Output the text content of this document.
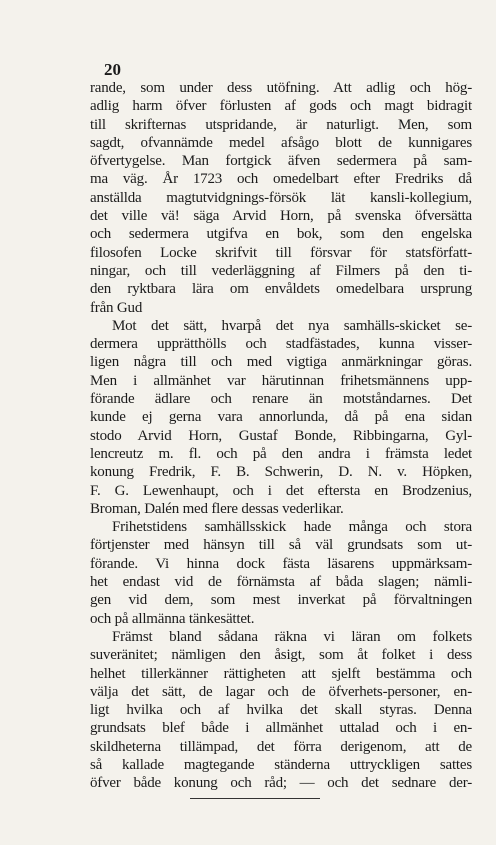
20
rande, som under dess utöfning. Att adlig och hög-
adlig harm öfver förlusten af gods och magt bidragit
till skrifternas utspridande, är naturligt. Men, som
sagdt, ofvannämde medel afsågo blott de kunnigares
öfvertygelse. Man fortgick äfven sedermera på sam-
ma väg. År 1723 och omedelbart efter Fredriks då
anställda magtutvidgnings-försök lät kansli-kollegium,
det ville vä! säga Arvid Horn, på svenska öfversätta
och sedermera utgifva en bok, som den engelska
filosofen Locke skrifvit till försvar för statsförfatt-
ningar, och till vederläggning af Filmers på den ti-
den ryktbara lära om envåldets omedelbara ursprung
från Gud
Mot det sätt, hvarpå det nya samhälls-skicket se-
dermera upprätthölls och stadfästades, kunna visser-
ligen några till och med vigtiga anmärkningar göras.
Men i allmänhet var härutinnan frihetsmännens upp-
förande ädlare och renare än motståndarnes. Det
kunde ej gerna vara annorlunda, då på ena sidan
stodo Arvid Horn, Gustaf Bonde, Ribbingarna, Gyl-
lencreutz m. fl. och på den andra i främsta ledet
konung Fredrik, F. B. Schwerin, D. N. v. Höpken,
F. G. Lewenhaupt, och i det eftersta en Brodzenius,
Broman, Dalén med flere dessas vederlikar.
Frihetstidens samhällsskick hade många och stora
förtjenster med hänsyn till så väl grundsats som ut-
förande. Vi hinna dock fästa läsarens uppmärksam-
het endast vid de förnämsta af båda slagen; nämli-
gen vid dem, som mest inverkat på förvaltningen
och på allmänna tänkesättet.
Främst bland sådana räkna vi läran om folkets
suveränitet; nämligen den åsigt, som åt folket i dess
helhet tillerkänner rättigheten att sjelft bestämma och
välja det sätt, de lagar och de öfverhets-personer, en-
ligt hvilka och af hvilka det skall styras. Denna
grundsats blef både i allmänhet uttalad och i en-
skildheterna tillämpad, det förra derigenom, att de
så kallade magtegande ständerna uttryckligen sattes
öfver både konung och råd; — och det sednare der-
